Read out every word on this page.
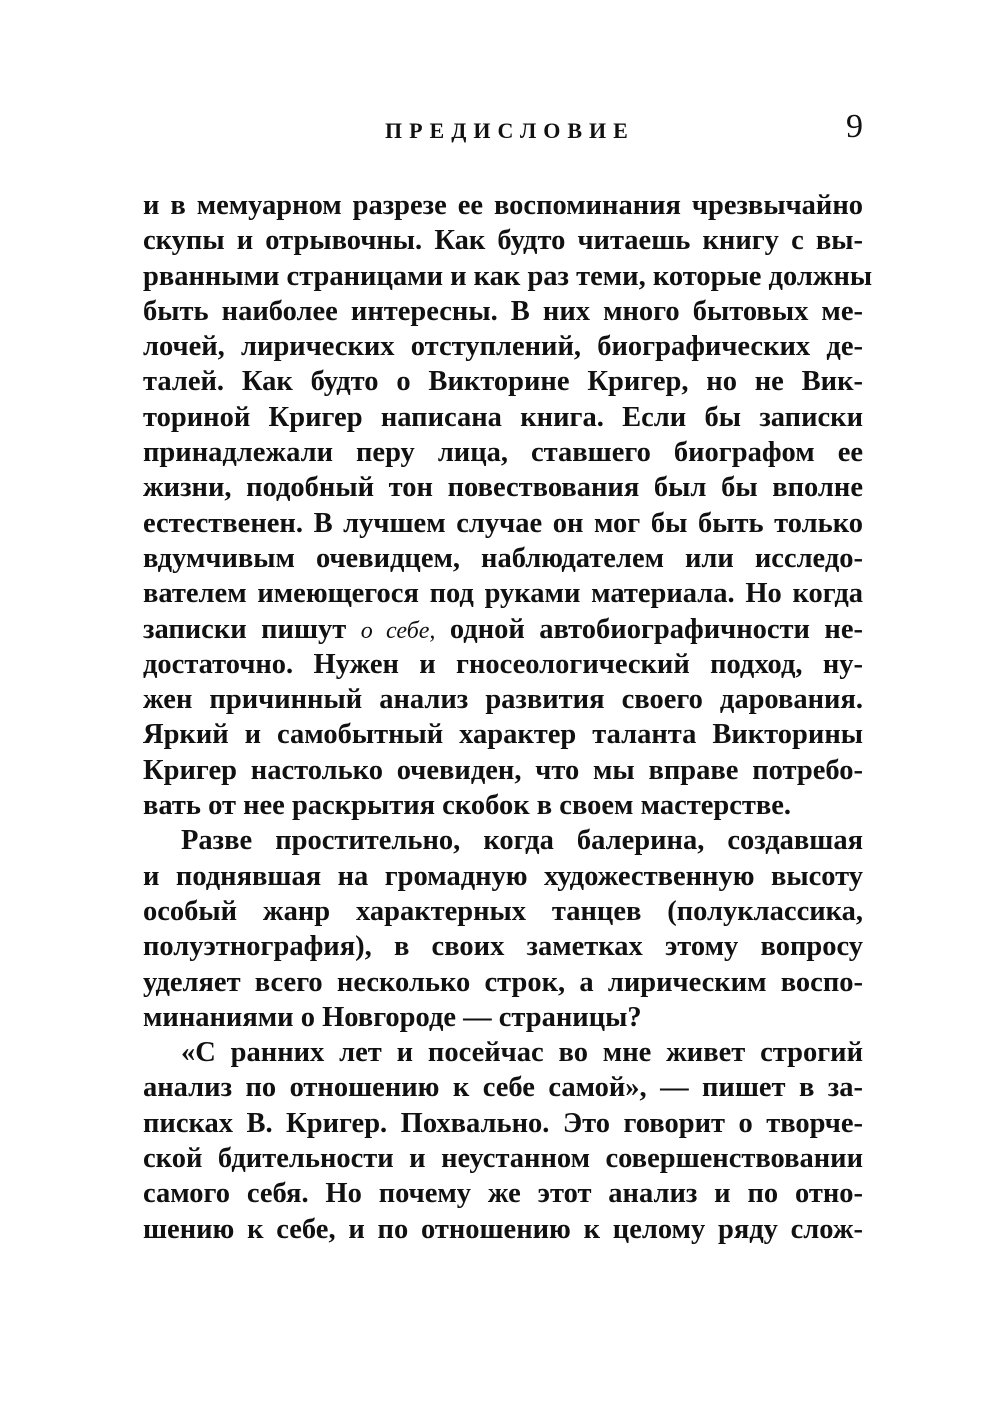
ПРЕДИСЛОВИЕ	9
и в мемуарном разрезе ее воспоминания чрезвычайно
скупы и отрывочны. Как будто читаешь книгу с вы-
рванными страницами и как раз теми, которые должны
быть наиболее интересны. В них много бытовых ме-
лочей, лирических отступлений, биографических де-
талей. Как будто о Викторине Кригер, но не Вик-
ториной Кригер написана книга. Если бы записки
принадлежали перу лица, ставшего биографом ее
жизни, подобный тон повествования был бы вполне
естественен. В лучшем случае он мог бы быть только
вдумчивым очевидцем, наблюдателем или исследо-
вателем имеющегося под руками материала. Но когда
записки пишут о себе, одной автобиографичности не-
достаточно. Нужен и гносеологический подход, ну-
жен причинный анализ развития своего дарования.
Яркий и самобытный характер таланта Викторины
Кригер настолько очевиден, что мы вправе потребо-
вать от нее раскрытия скобок в своем мастерстве.
Разве простительно, когда балерина, создавшая
и поднявшая на громадную художественную высоту
особый жанр характерных танцев (полуклассика,
полуэтнография), в своих заметках этому вопросу
уделяет всего несколько строк, а лирическим воспо-
минаниями о Новгороде — страницы?
«С ранних лет и посейчас во мне живет строгий
анализ по отношению к себе самой», — пишет в за-
писках В. Кригер. Похвально. Это говорит о творче-
ской бдительности и неустанном совершенствовании
самого себя. Но почему же этот анализ и по отно-
шению к себе, и по отношению к целому ряду слож-
